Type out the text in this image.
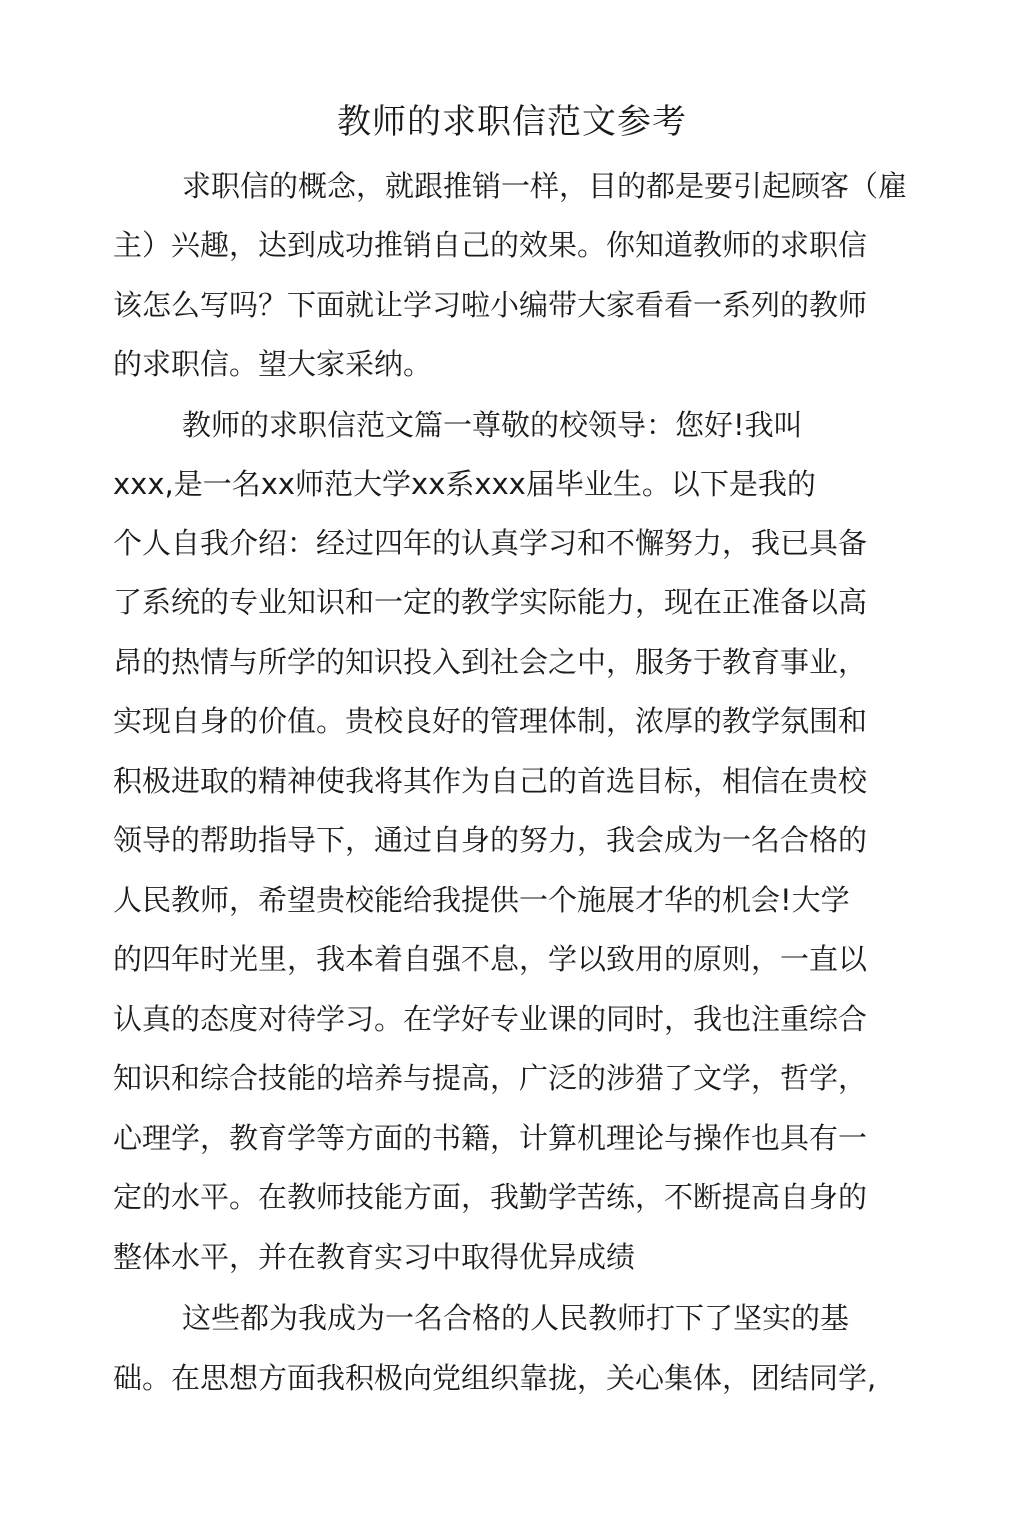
教师的求职信范文参考
求职信的概念，就跟推销一样，目的都是要引起顾客（雇
主）兴趣，达到成功推销自己的效果。你知道教师的求职信
该怎么写吗？下面就让学习啦小编带大家看看一系列的教师
的求职信。望大家采纳。
教师的求职信范文篇一尊敬的校领导：您好!我叫
xxx,是一名xx师范大学xx系xxx届毕业生。以下是我的
个人自我介绍：经过四年的认真学习和不懈努力，我已具备
了系统的专业知识和一定的教学实际能力，现在正准备以高
昂的热情与所学的知识投入到社会之中，服务于教育事业，
实现自身的价值。贵校良好的管理体制，浓厚的教学氛围和
积极进取的精神使我将其作为自己的首选目标，相信在贵校
领导的帮助指导下，通过自身的努力，我会成为一名合格的
人民教师，希望贵校能给我提供一个施展才华的机会!大学
的四年时光里，我本着自强不息，学以致用的原则，一直以
认真的态度对待学习。在学好专业课的同时，我也注重综合
知识和综合技能的培养与提高，广泛的涉猎了文学，哲学，
心理学，教育学等方面的书籍，计算机理论与操作也具有一
定的水平。在教师技能方面，我勤学苦练，不断提高自身的
整体水平，并在教育实习中取得优异成绩
这些都为我成为一名合格的人民教师打下了坚实的基
础。在思想方面我积极向党组织靠拢，关心集体，团结同学,
